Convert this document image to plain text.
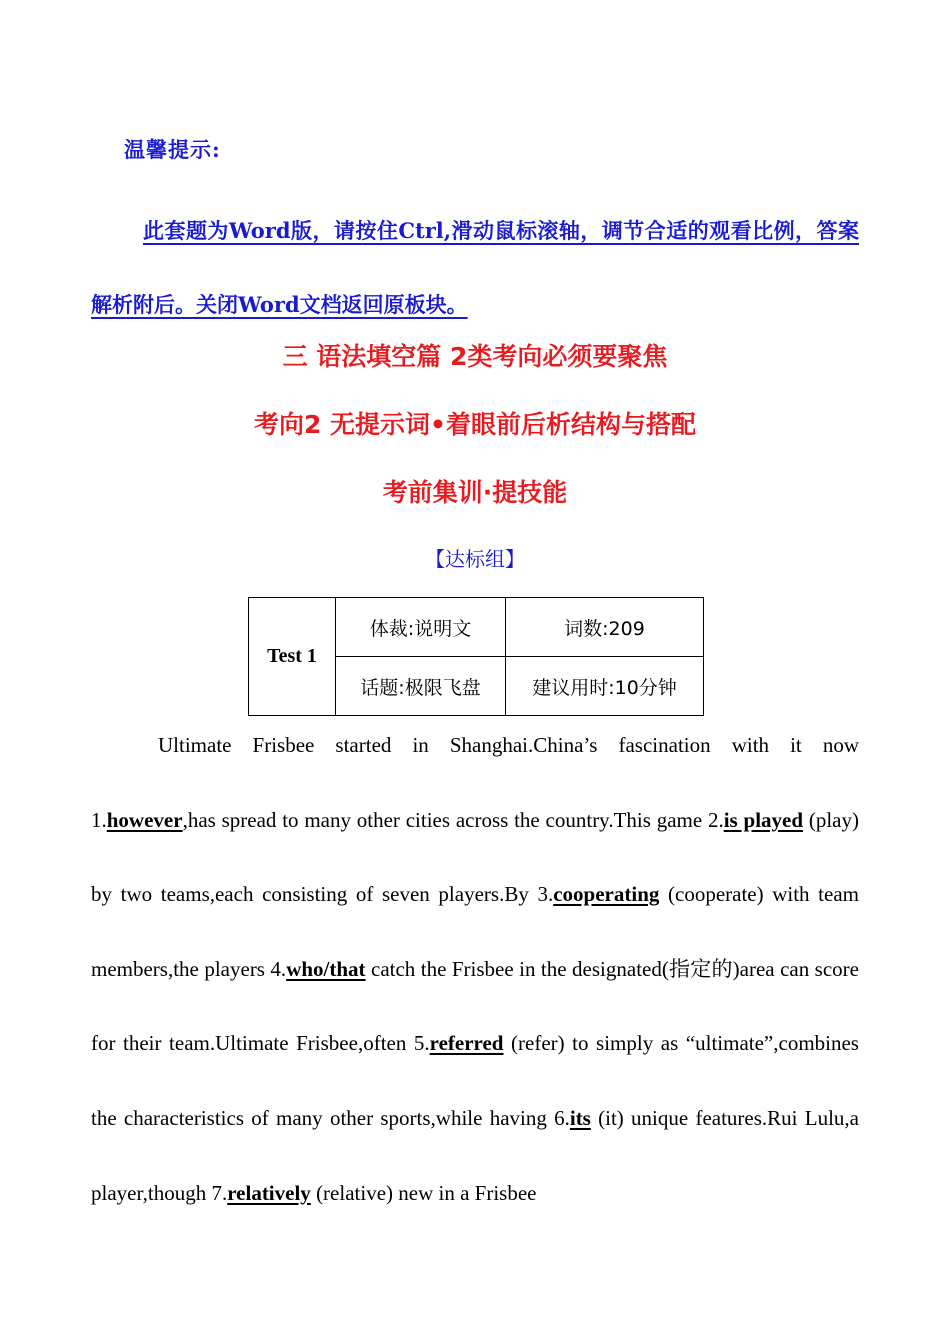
温馨提示:

此套题为Word版，请按住Ctrl,滑动鼠标滚轴，调节合适的观看比例，答案解析附后。关闭Word文档返回原板块。

三 语法填空篇 2类考向必须要聚焦
考向2 无提示词•着眼前后析结构与搭配
考前集训·提技能
【达标组】
Test 1	体裁:说明文	词数:209
	话题:极限飞盘	建议用时:10分钟

Ultimate Frisbee started in Shanghai.China’s fascination with it now 1.however,has spread to many other cities across the country.This game 2.is played (play) by two teams,each consisting of seven players.By 3.cooperating (cooperate) with team members,the players 4.who/that catch the Frisbee in the designated(指定的)area can score for their team.Ultimate Frisbee,often 5.referred (refer) to simply as “ultimate”,combines the characteristics of many other sports,while having 6.its (it) unique features.Rui Lulu,a player,though 7.relatively (relative) new in a Frisbee
